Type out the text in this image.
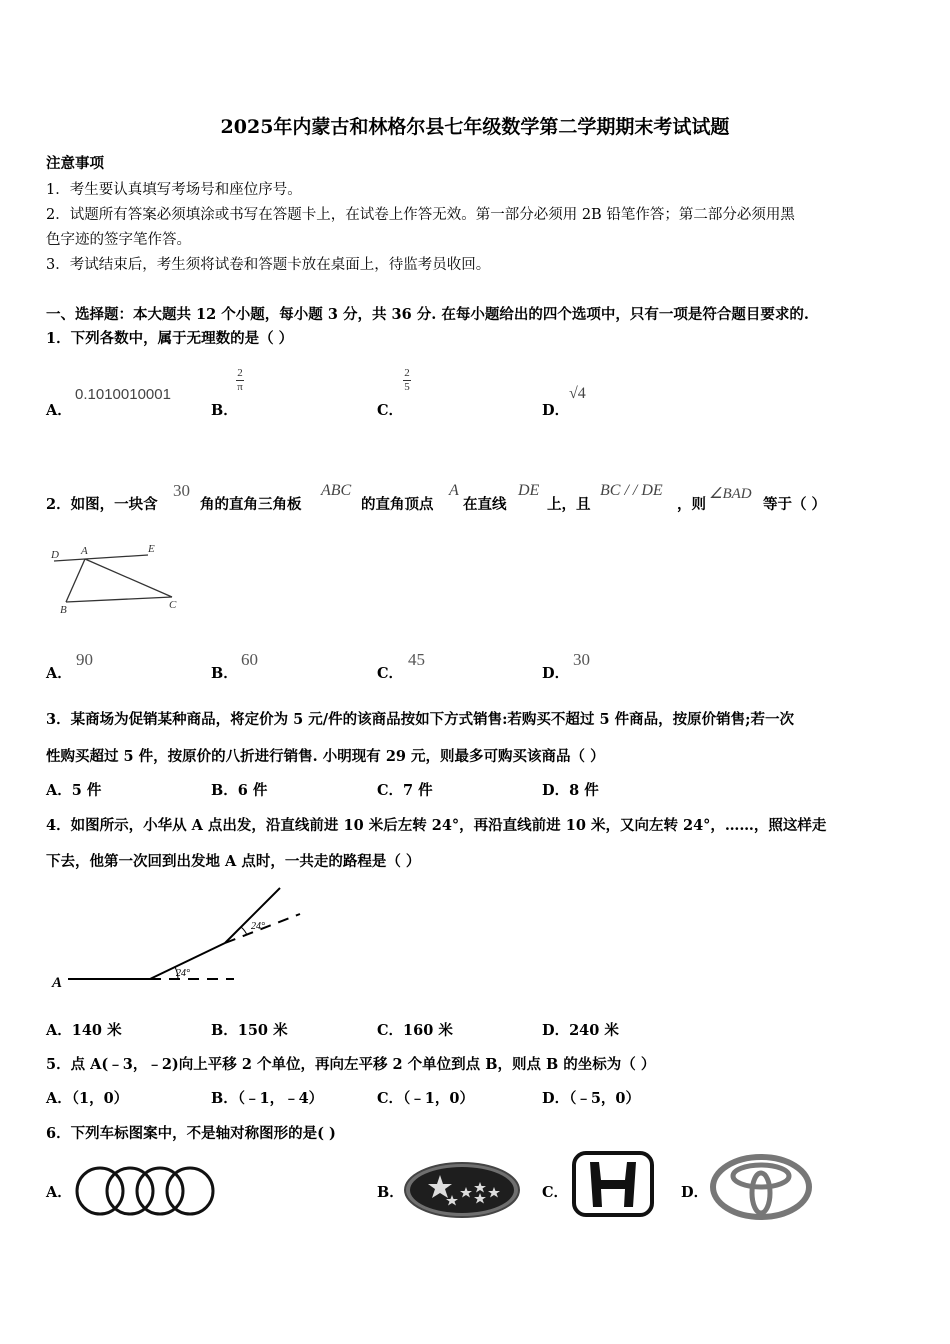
2025年内蒙古和林格尔县七年级数学第二学期期末考试试题
注意事项
1．考生要认真填写考场号和座位序号。
2．试题所有答案必须填涂或书写在答题卡上，在试卷上作答无效。第一部分必须用 2B 铅笔作答；第二部分必须用黑
色字迹的签字笔作答。
3．考试结束后，考生须将试卷和答题卡放在桌面上，待监考员收回。
一、选择题：本大题共 12 个小题，每小题 3 分，共 36 分. 在每小题给出的四个选项中，只有一项是符合题目要求的.
1．下列各数中，属于无理数的是（ ）
A．
0.1010010001
B．
2
π
C．
2
5
D．
√4
2．如图，一块含
30
角的直角三角板
ABC
的直角顶点
A
在直线
DE
上，且
BC / / DE
，则
∠BAD
等于（ ）
D A	E
B	C
A．
90
B．
60
C．
45
D．
30
3．某商场为促销某种商品，将定价为 5 元/件的该商品按如下方式销售:若购买不超过 5 件商品，按原价销售;若一次
性购买超过 5 件，按原价的八折进行销售. 小明现有 29 元，则最多可购买该商品（ ）
A．5 件	B．6 件	C．7 件	D．8 件
4．如图所示，小华从 A 点出发，沿直线前进 10 米后左转 24°，再沿直线前进 10 米，又向左转 24°，……，照这样走
下去，他第一次回到出发地 A 点时，一共走的路程是（ ）
A
24°
24°
A．140 米	B．150 米	C．160 米	D．240 米
5．点 A(﹣3，﹣2)向上平移 2 个单位，再向左平移 2 个单位到点 B，则点 B 的坐标为（ ）
A．（1，0）	B．（﹣1，﹣4）	C．（﹣1，0）	D．（﹣5，0）
6．下列车标图案中，不是轴对称图形的是( )
A．	B．	C．	D．
